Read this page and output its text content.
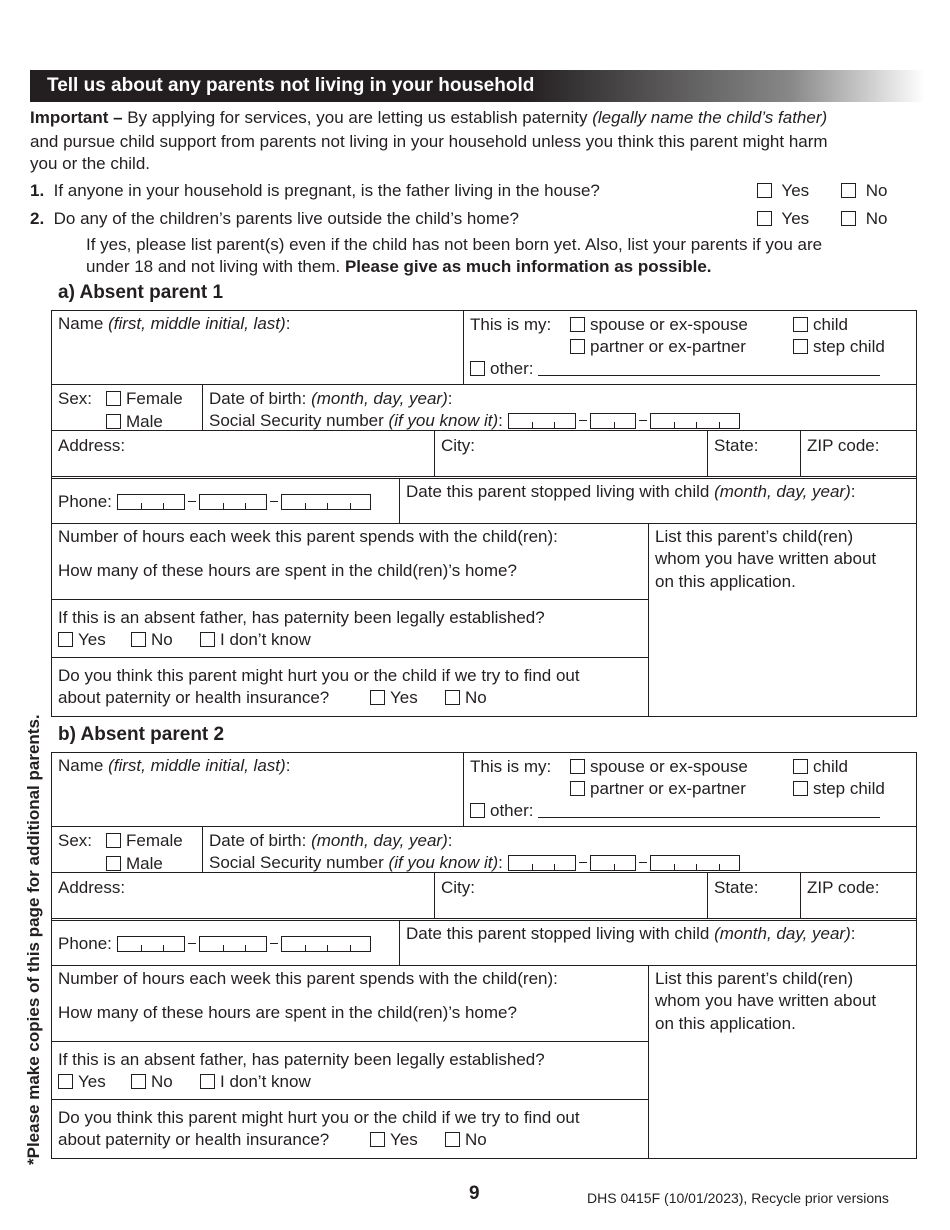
Tell us about any parents not living in your household
Important – By applying for services, you are letting us establish paternity (legally name the child’s father)
and pursue child support from parents not living in your household unless you think this parent might harm
you or the child.
1. If anyone in your household is pregnant, is the father living in the house?	Yes	No
2. Do any of the children’s parents live outside the child’s home?	Yes	No
If yes, please list parent(s) even if the child has not been born yet. Also, list your parents if you are
under 18 and not living with them. Please give as much information as possible.
a) Absent parent 1
Name (first, middle initial, last):	This is my:	spouse or ex-spouse	child
partner or ex-partner	step child
other:
Sex:	Female
Male
Date of birth: (month, day, year):
Social Security number (if you know it):
Address:	City:	State:	ZIP code:
Phone:
Date this parent stopped living with child (month, day, year):
Number of hours each week this parent spends with the child(ren):
How many of these hours are spent in the child(ren)’s home?
List this parent’s child(ren)
whom you have written about
on this application.
If this is an absent father, has paternity been legally established?
Yes	No	I don’t know
Do you think this parent might hurt you or the child if we try to find out
about paternity or health insurance?	Yes	No
b) Absent parent 2
Name (first, middle initial, last):	This is my:	spouse or ex-spouse	child
partner or ex-partner	step child
other:
Sex:	Female
Male
Date of birth: (month, day, year):
Social Security number (if you know it):
Address:	City:	State:	ZIP code:
Phone:
Date this parent stopped living with child (month, day, year):
Number of hours each week this parent spends with the child(ren):
How many of these hours are spent in the child(ren)’s home?
List this parent’s child(ren)
whom you have written about
on this application.
If this is an absent father, has paternity been legally established?
Yes	No	I don’t know
Do you think this parent might hurt you or the child if we try to find out
about paternity or health insurance?	Yes	No
*Please make copies of this page for additional parents.
9	DHS 0415F (10/01/2023), Recycle prior versions
